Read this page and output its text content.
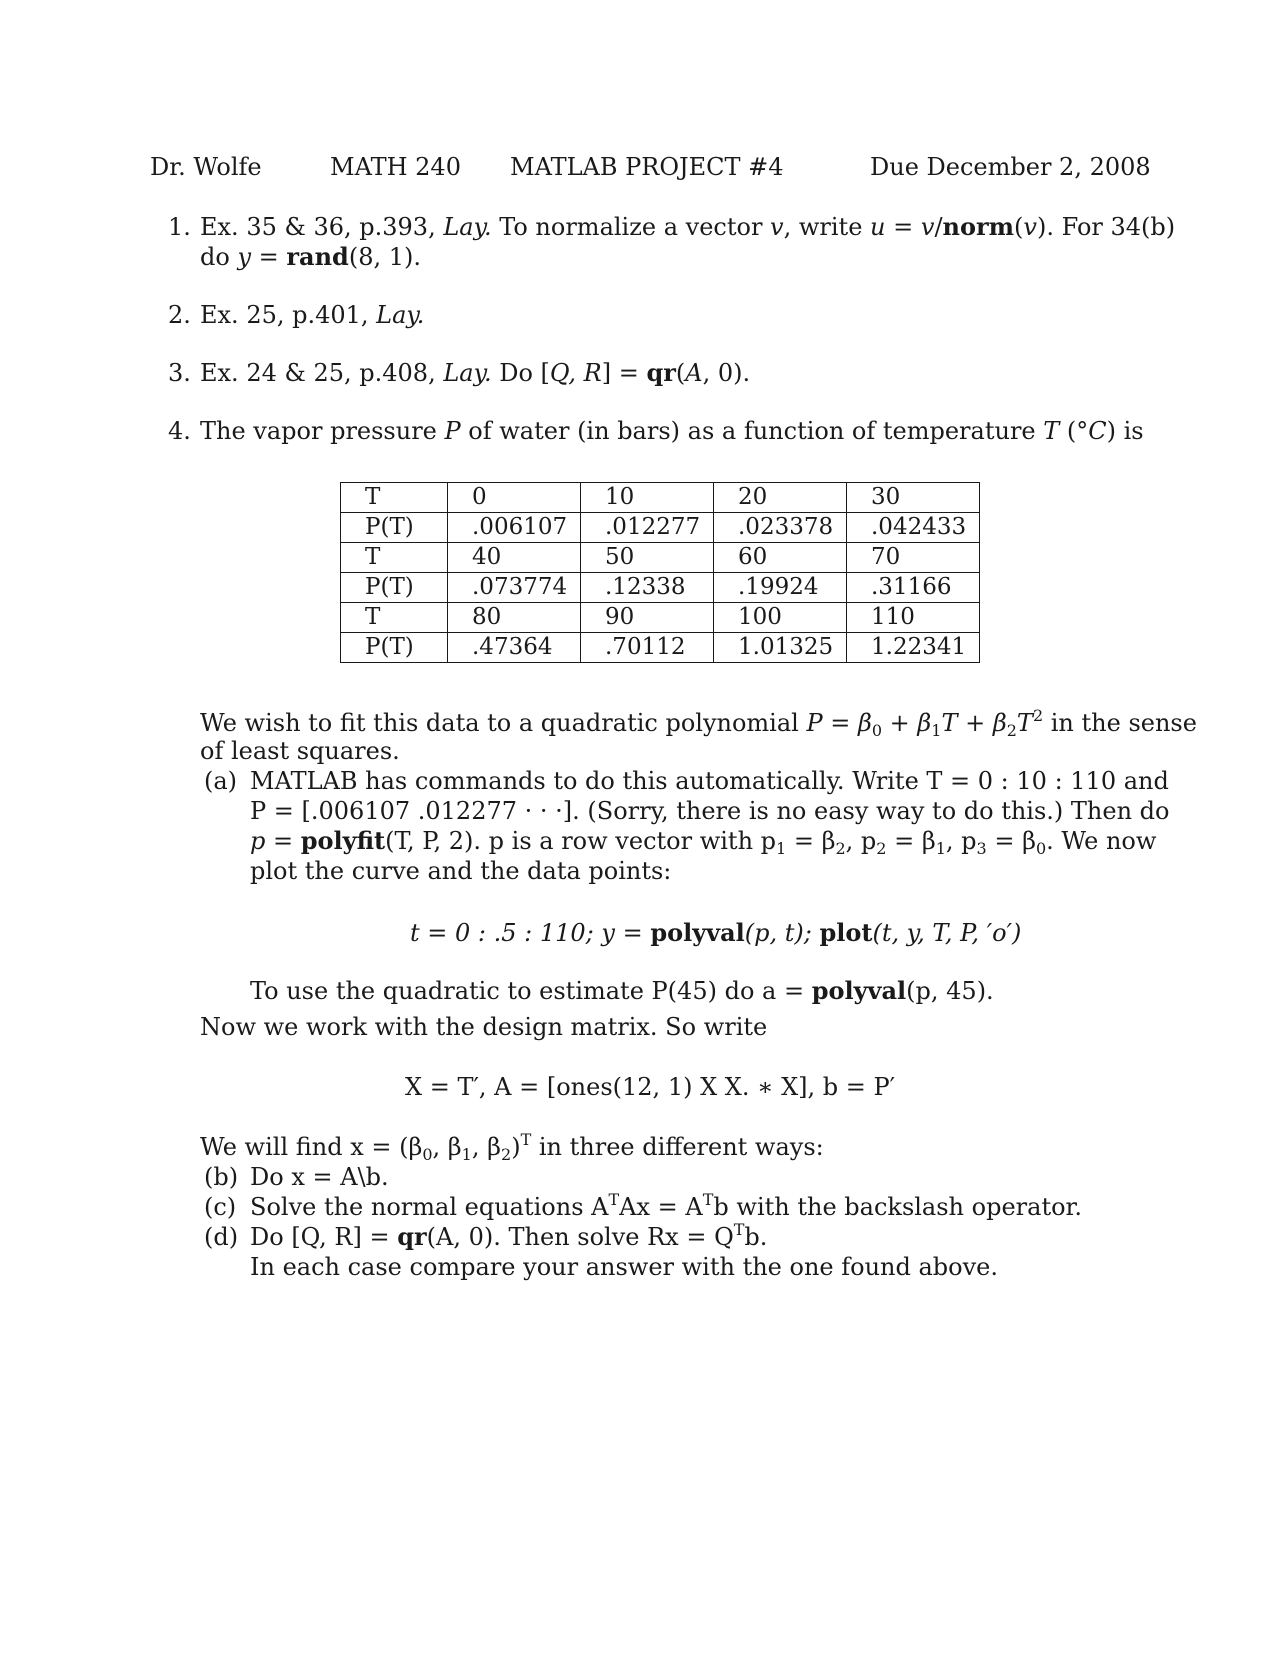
Dr. Wolfe	MATH 240 MATLAB PROJECT #4	Due December 2, 2008
1. Ex. 35 & 36, p.393, Lay. To normalize a vector v, write u = v/norm(v). For 34(b)
do y = rand(8, 1).
2. Ex. 25, p.401, Lay.
3. Ex. 24 & 25, p.408, Lay. Do [Q, R] = qr(A, 0).
4. The vapor pressure P of water (in bars) as a function of temperature T (°C) is
T	0	10	20	30
P(T)	.006107	.012277	.023378	.042433
T	40	50	60	70
P(T)	.073774	.12338	.19924	.31166
T	80	90	100	110
P(T)	.47364	.70112	1.01325	1.22341
We wish to fit this data to a quadratic polynomial $P = \beta_0 + \beta_1T + \beta_2T^2$ in the sense
of least squares.
(a) MATLAB has commands to do this automatically. Write T = 0 : 10 : 110 and
P = [.006107 .012277 · · ·]. (Sorry, there is no easy way to do this.) Then do
p = polyfit(T, P, 2). p is a row vector with $p_1 = \beta_2$, $p_2 = \beta_1$, $p_3 = \beta_0$. We now
plot the curve and the data points:
t = 0 : .5 : 110; y = polyval(p, t); plot(t, y, T, P, ′o′)
To use the quadratic to estimate P(45) do a = polyval(p, 45).
Now we work with the design matrix. So write
X = T′, A = [ones(12, 1) X X. ∗ X], b = P′
We will find $x = (\beta_0$, $\beta_1$, $\beta_2)^T$ in three different ways:
(b) Do x = A\b.
(c) Solve the normal equations $A^TAx = A^Tb$ with the backslash operator.
(d) Do [Q, R] = qr(A, 0). Then solve $Rx = Q^Tb$.
In each case compare your answer with the one found above.
